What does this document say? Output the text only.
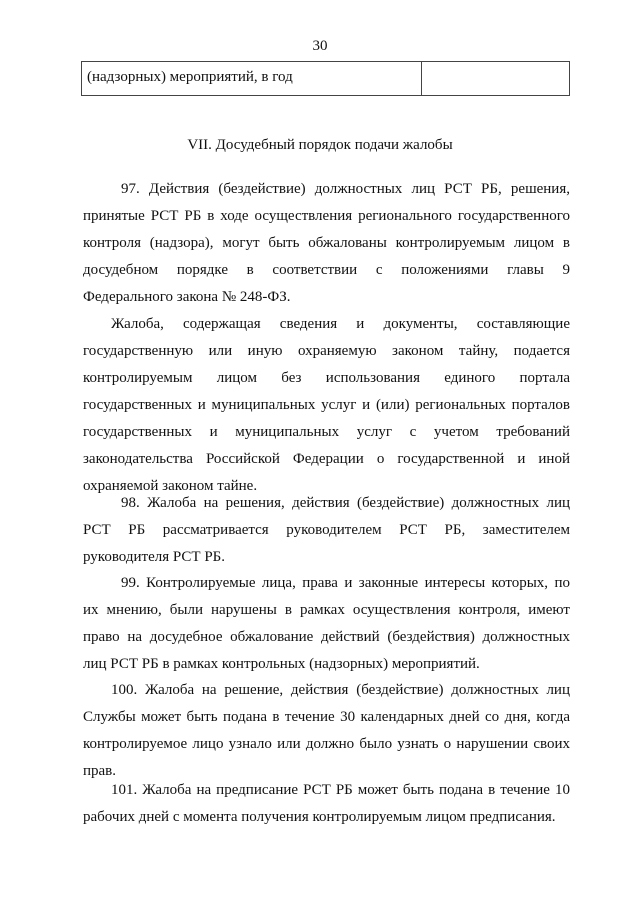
30
(надзорных) мероприятий, в год
VII. Досудебный порядок подачи жалобы
97. Действия (бездействие) должностных лиц РСТ РБ, решения,
принятые РСТ РБ в ходе осуществления регионального государственного
контроля (надзора), могут быть обжалованы контролируемым лицом в
досудебном порядке в соответствии с положениями главы 9
Федерального закона № 248-ФЗ.
Жалоба, содержащая сведения и документы, составляющие
государственную или иную охраняемую законом тайну, подается
контролируемым лицом без использования единого портала
государственных и муниципальных услуг и (или) региональных порталов
государственных и муниципальных услуг с учетом требований
законодательства Российской Федерации о государственной и иной
охраняемой законом тайне.
98. Жалоба на решения, действия (бездействие) должностных лиц
РСТ РБ рассматривается руководителем РСТ РБ, заместителем
руководителя РСТ РБ.
99. Контролируемые лица, права и законные интересы которых, по
их мнению, были нарушены в рамках осуществления контроля, имеют
право на досудебное обжалование действий (бездействия) должностных
лиц РСТ РБ в рамках контрольных (надзорных) мероприятий.
100. Жалоба на решение, действия (бездействие) должностных лиц
Службы может быть подана в течение 30 календарных дней со дня, когда
контролируемое лицо узнало или должно было узнать о нарушении своих
прав.
101. Жалоба на предписание РСТ РБ может быть подана в течение 10
рабочих дней с момента получения контролируемым лицом предписания.
